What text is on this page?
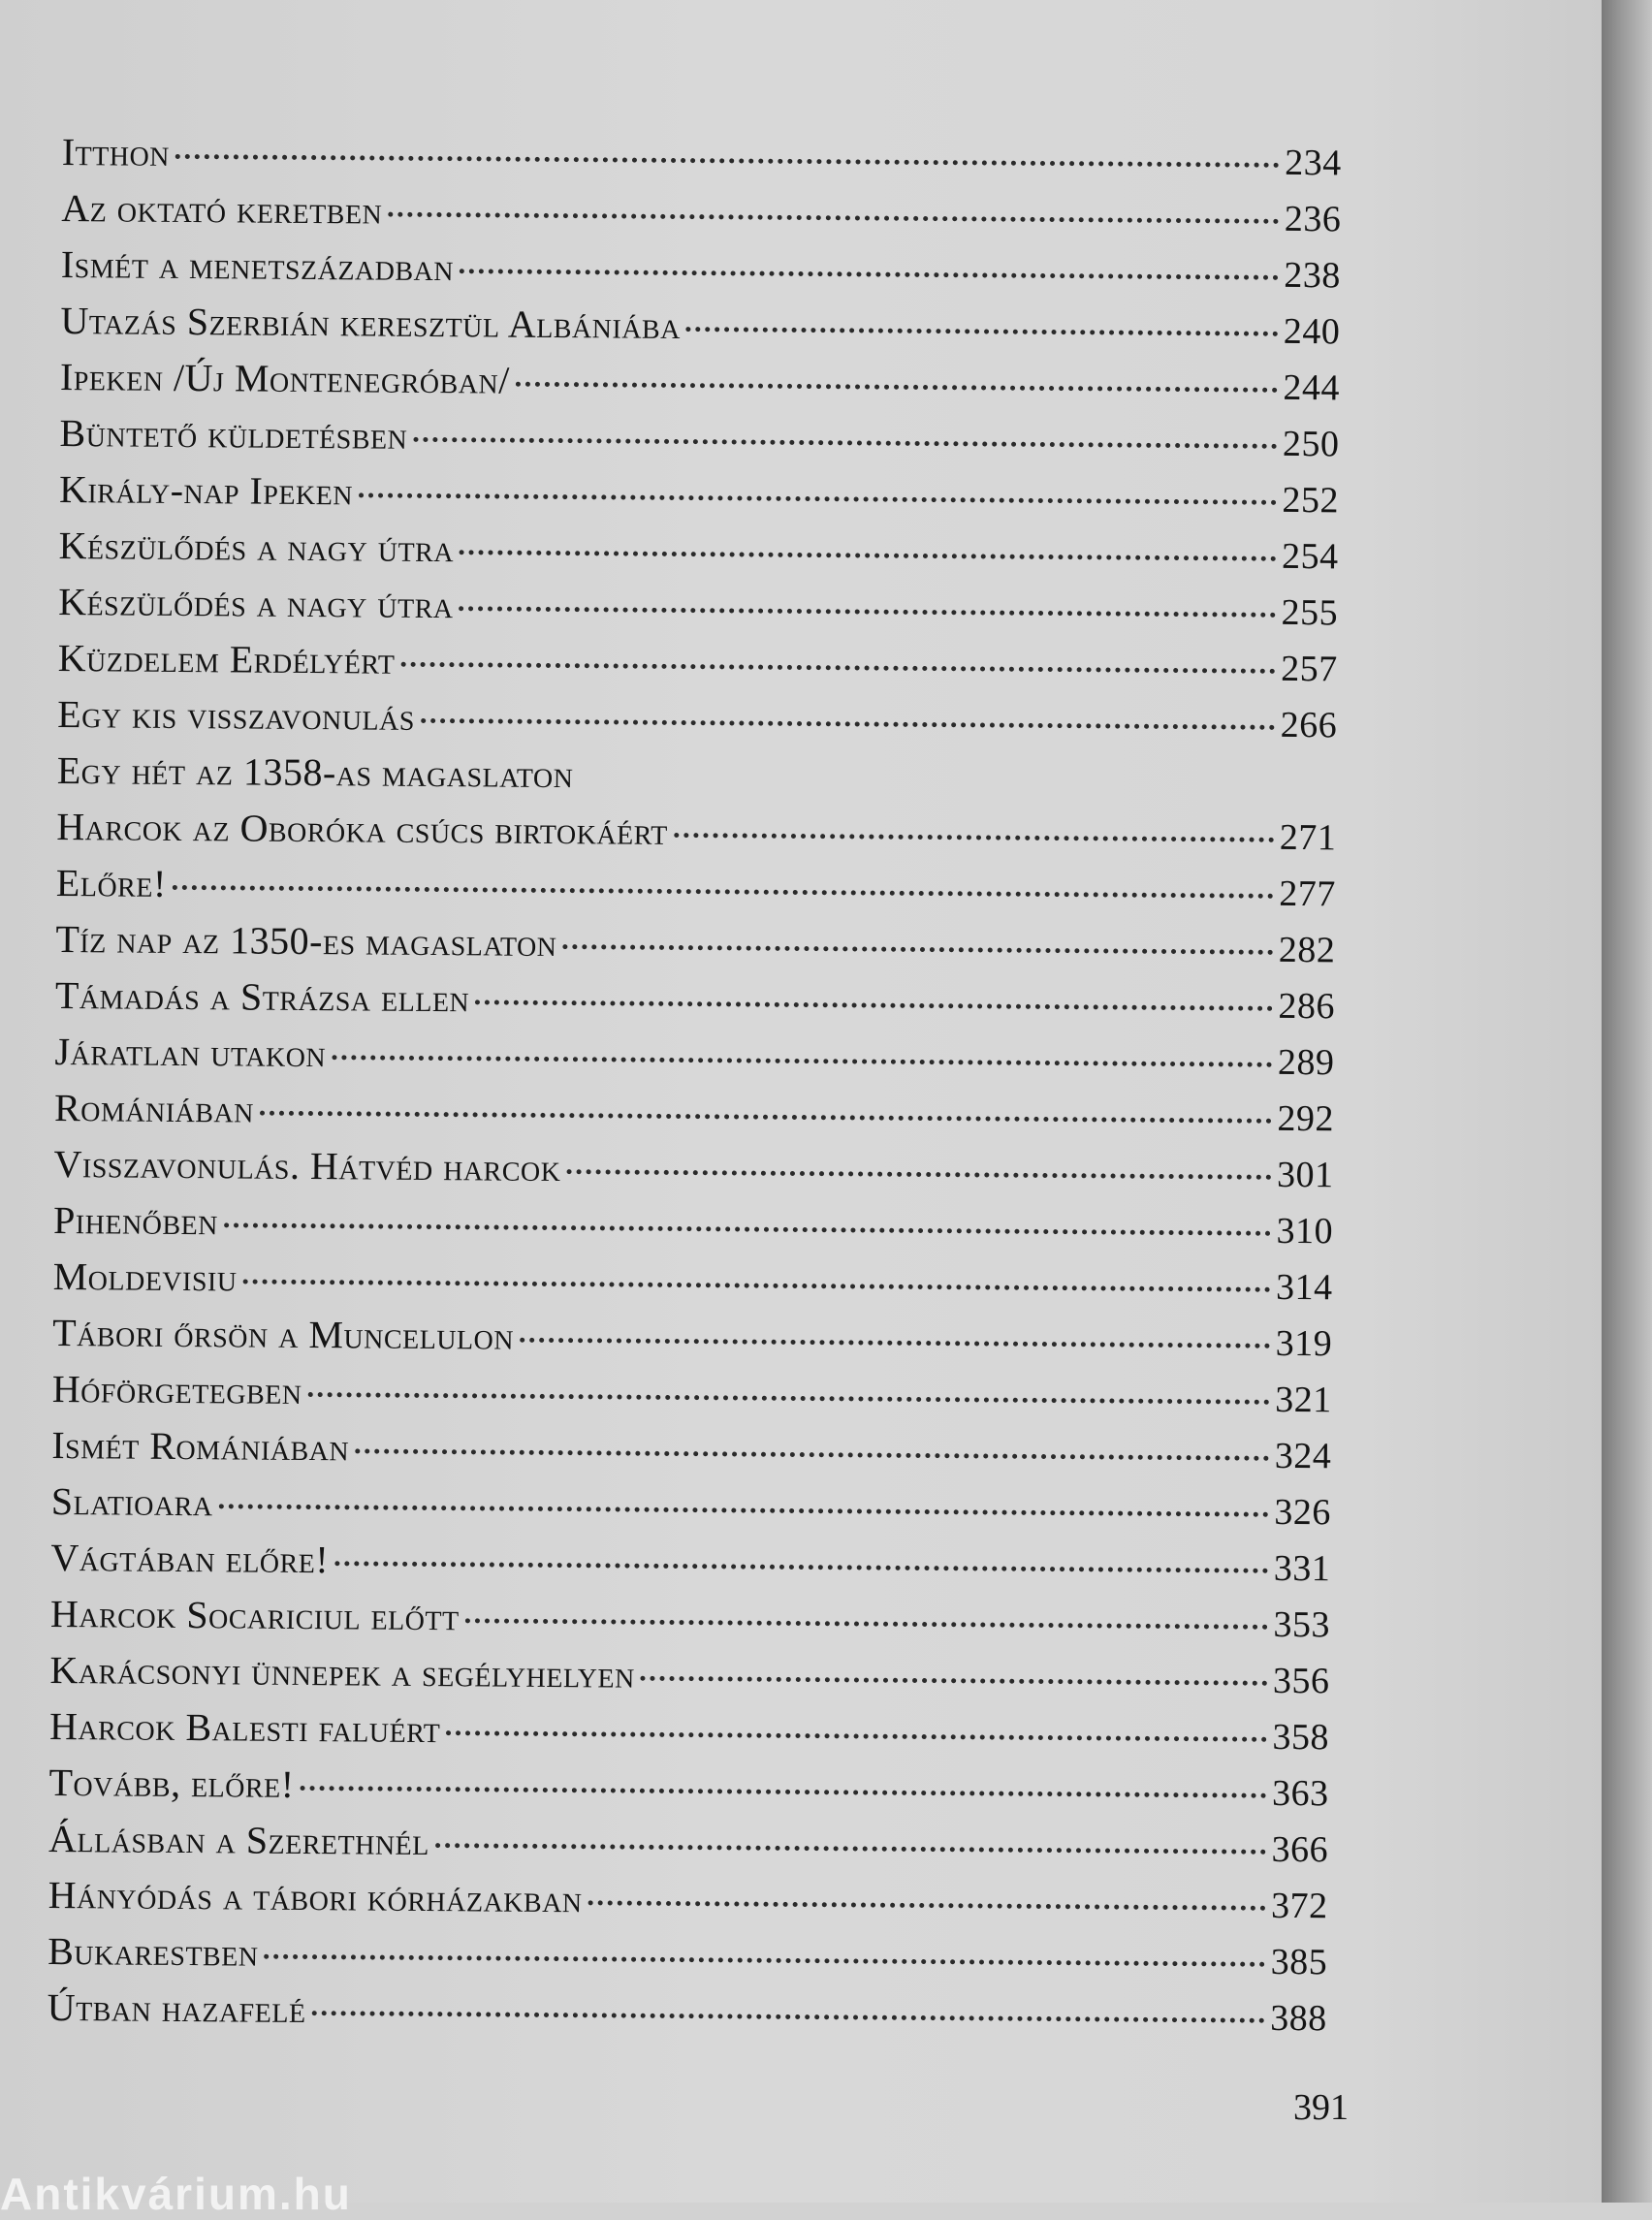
Itthon	234
Az oktató keretben	236
Ismét a menetszázadban	238
Utazás Szerbián keresztül Albániába	240
Ipeken /Új Montenegróban/	244
Büntető küldetésben	250
Király-nap Ipeken	252
Készülődés a nagy útra	254
Készülődés a nagy útra	255
Küzdelem Erdélyért	257
Egy kis visszavonulás	266
Egy hét az 1358-as magaslaton
Harcok az Oboróka csúcs birtokáért	271
Előre!	277
Tíz nap az 1350-es magaslaton	282
Támadás a Strázsa ellen	286
Járatlan utakon	289
Romániában	292
Visszavonulás. Hátvéd harcok	301
Pihenőben	310
Moldevisiu	314
Tábori őrsön a Muncelulon	319
Hóförgetegben	321
Ismét Romániában	324
Slatioara	326
Vágtában előre!	331
Harcok Socariciul előtt	353
Karácsonyi ünnepek a segélyhelyen	356
Harcok Balesti faluért	358
Tovább, előre!	363
Állásban a Szerethnél	366
Hányódás a tábori kórházakban	372
Bukarestben	385
Útban hazafelé	388
391
Antikvárium.hu
